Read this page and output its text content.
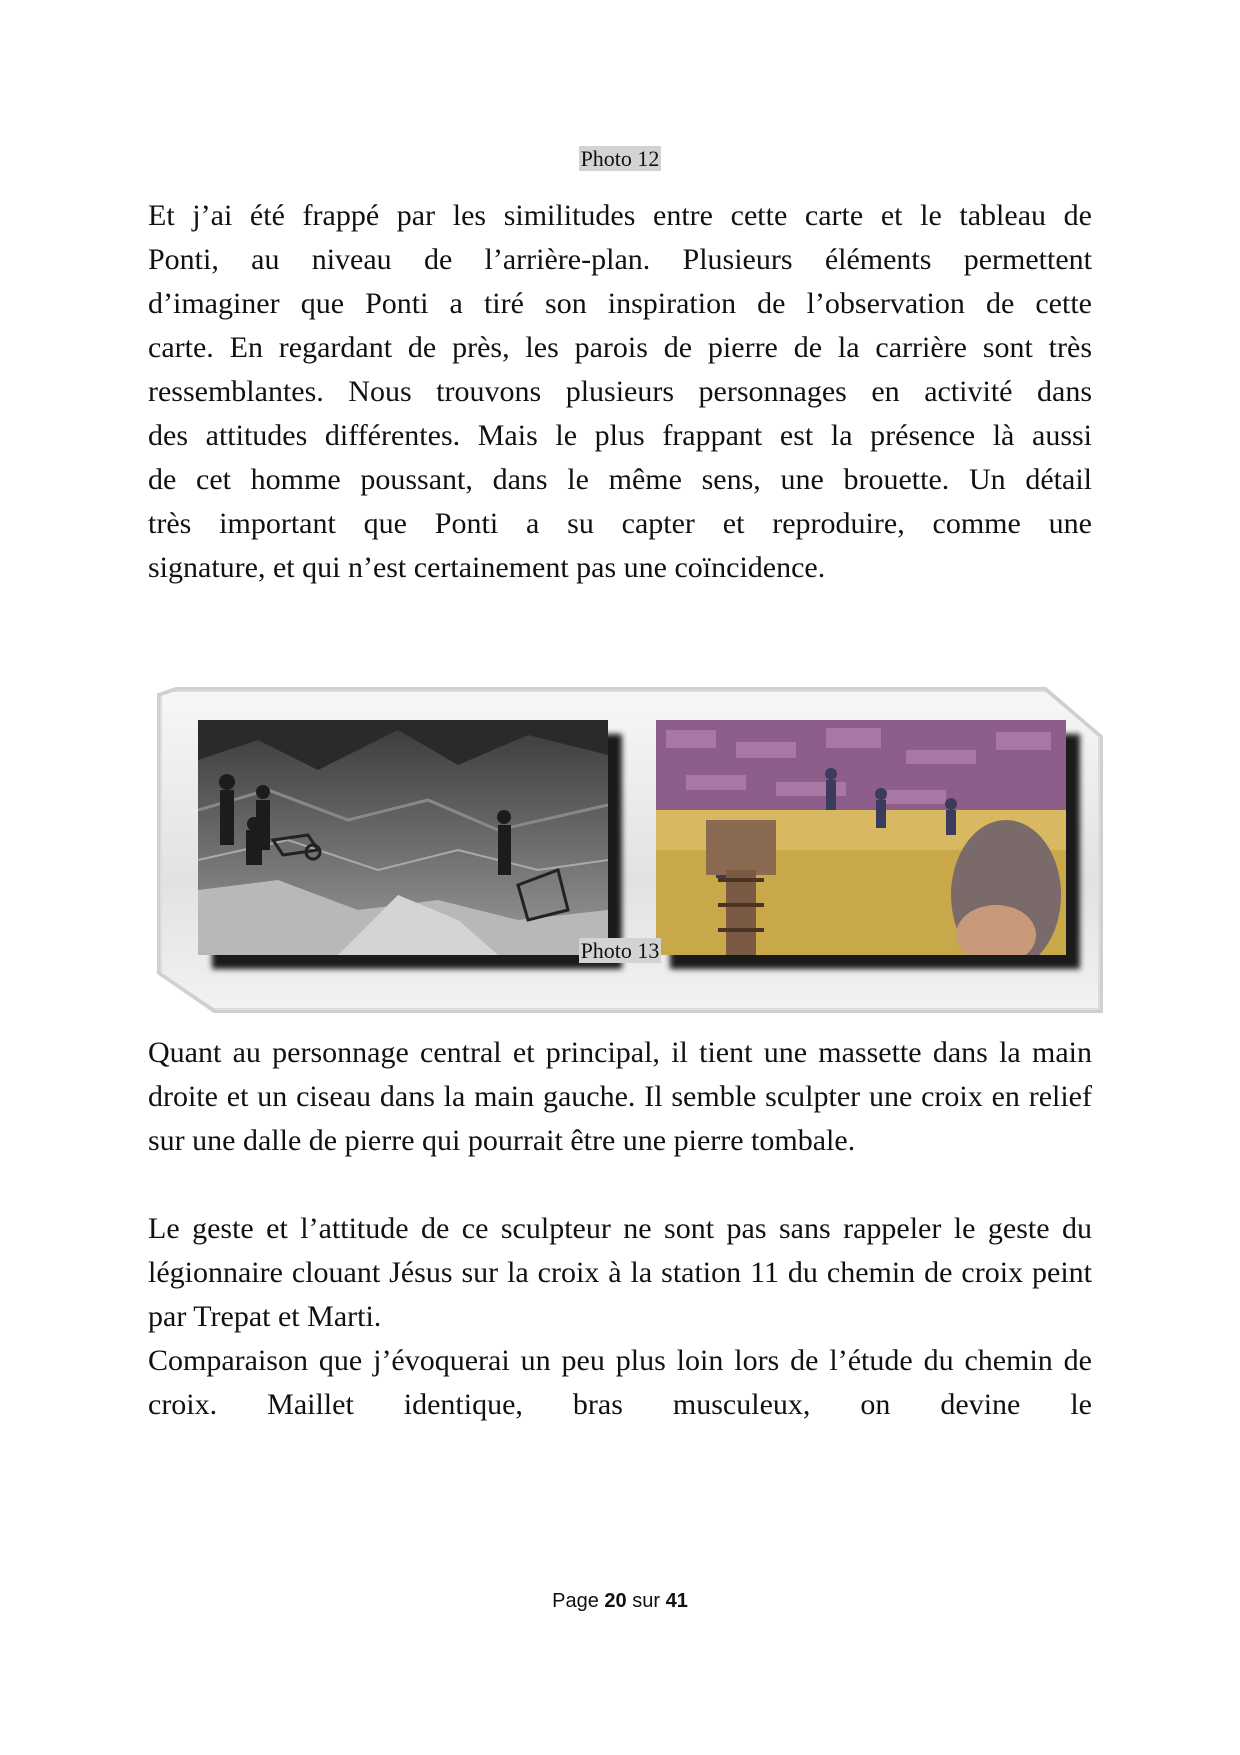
Photo 12

Et j’ai été frappé par les similitudes entre cette carte et le tableau de

Ponti, au niveau de l’arrière-plan. Plusieurs éléments permettent

d’imaginer que Ponti a tiré son inspiration de l’observation de cette

carte. En regardant de près, les parois de pierre de la carrière sont très

ressemblantes. Nous trouvons plusieurs personnages en activité dans

des attitudes différentes. Mais le plus frappant est la présence là aussi

de cet homme poussant, dans le même sens, une brouette. Un détail

très important que Ponti a su capter et reproduire, comme une

signature, et qui n’est certainement pas une coïncidence.

Photo 13

Quant au personnage central et principal, il tient une massette dans la main droite et un ciseau dans la main gauche. Il semble sculpter une croix en relief sur une dalle de pierre qui pourrait être une pierre tombale.

Le geste et l’attitude de ce sculpteur ne sont pas sans rappeler le geste du légionnaire clouant Jésus sur la croix à la station 11 du chemin de croix peint par Trepat et Marti.

Comparaison que j’évoquerai un peu plus loin lors de l’étude du chemin de croix. Maillet identique, bras musculeux, on devine le

Page 20 sur 41
